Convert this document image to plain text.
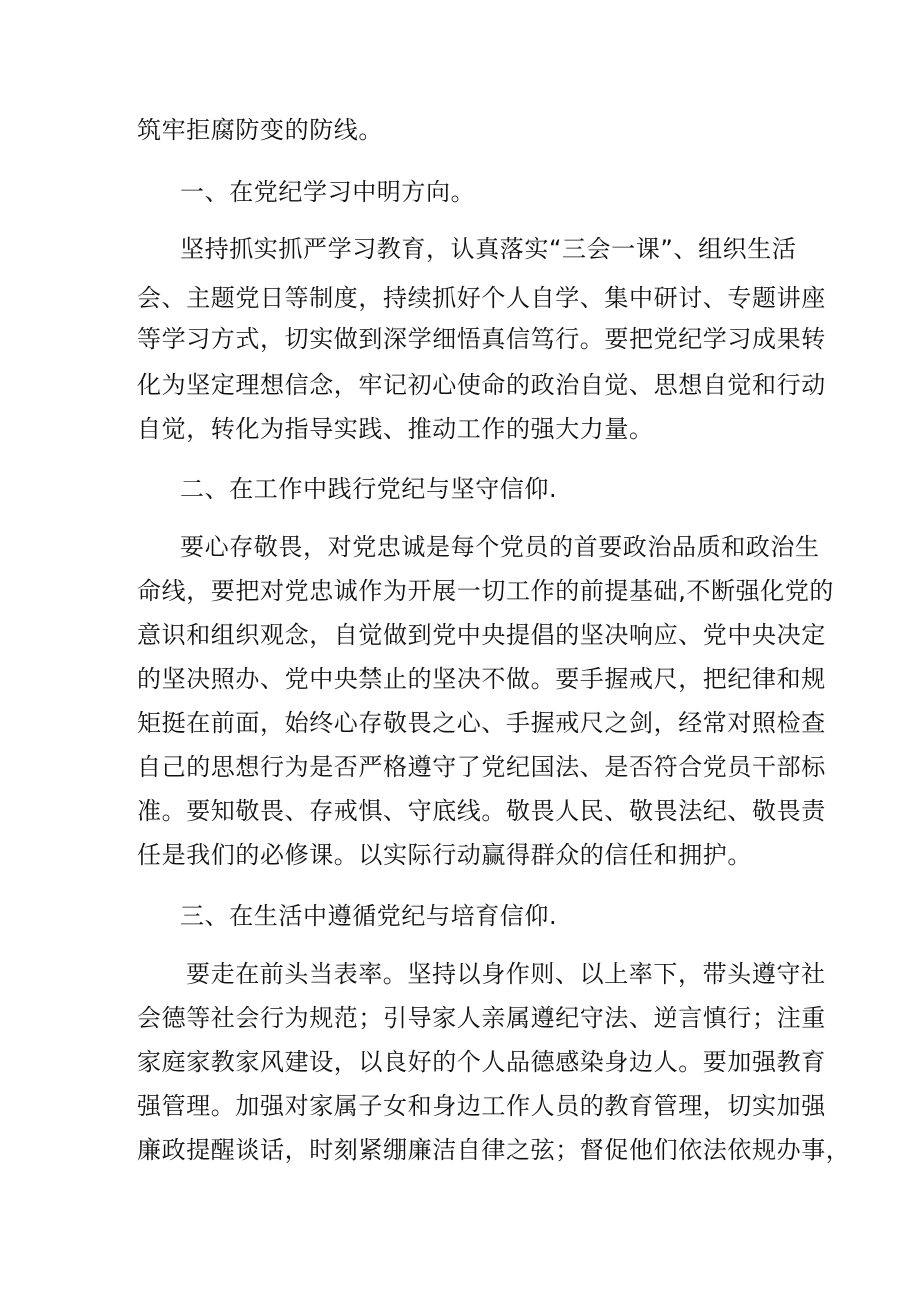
筑牢拒腐防变的防线。
一、在党纪学习中明方向。
坚持抓实抓严学习教育，认真落实“三会一课”、组织生活
会、主题党日等制度，持续抓好个人自学、集中研讨、专题讲座
等学习方式，切实做到深学细悟真信笃行。要把党纪学习成果转
化为坚定理想信念，牢记初心使命的政治自觉、思想自觉和行动
自觉，转化为指导实践、推动工作的强大力量。
二、在工作中践行党纪与坚守信仰.
要心存敬畏，对党忠诚是每个党员的首要政治品质和政治生
命线，要把对党忠诚作为开展一切工作的前提基础,不断强化党的
意识和组织观念，自觉做到党中央提倡的坚决响应、党中央决定
的坚决照办、党中央禁止的坚决不做。要手握戒尺，把纪律和规
矩挺在前面，始终心存敬畏之心、手握戒尺之剑，经常对照检查
自己的思想行为是否严格遵守了党纪国法、是否符合党员干部标
准。要知敬畏、存戒惧、守底线。敬畏人民、敬畏法纪、敬畏责
任是我们的必修课。以实际行动赢得群众的信任和拥护。
三、在生活中遵循党纪与培育信仰.
要走在前头当表率。坚持以身作则、以上率下，带头遵守社
会德等社会行为规范；引导家人亲属遵纪守法、逆言慎行；注重
家庭家教家风建设，以良好的个人品德感染身边人。要加强教育
强管理。加强对家属子女和身边工作人员的教育管理，切实加强
廉政提醒谈话，时刻紧绷廉洁自律之弦；督促他们依法依规办事，
